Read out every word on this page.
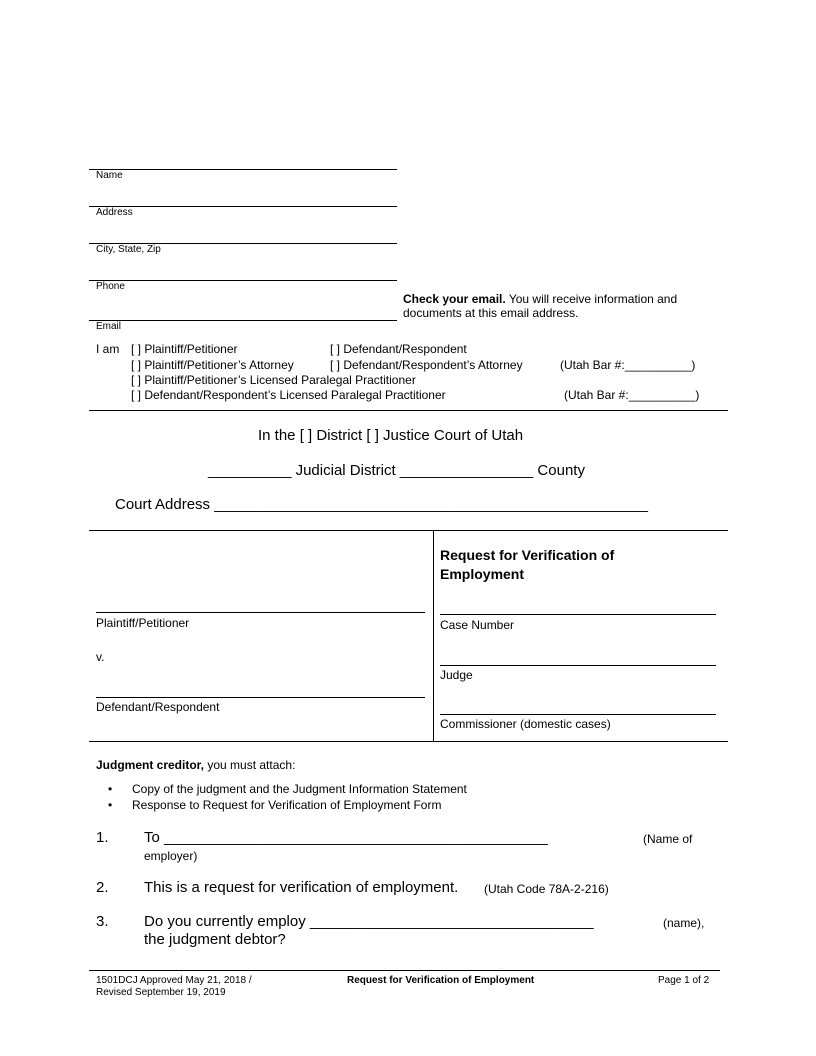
Name
Address
City, State, Zip
Phone
Check your email. You will receive information and
documents at this email address.
Email
I am [ ] Plaintiff/Petitioner	[ ] Defendant/Respondent
[ ] Plaintiff/Petitioner’s Attorney	[ ] Defendant/Respondent’s Attorney	(Utah Bar #:__________)
[ ] Plaintiff/Petitioner’s Licensed Paralegal Practitioner
[ ] Defendant/Respondent’s Licensed Paralegal Practitioner	(Utah Bar #:__________)
In the [ ] District [ ] Justice Court of Utah
__________ Judicial District ________________ County
Court Address ____________________________________________________
Request for Verification of
Employment
Plaintiff/Petitioner
v.
Defendant/Respondent
Case Number
Judge
Commissioner (domestic cases)
Judgment creditor, you must attach:
• Copy of the judgment and the Judgment Information Statement
• Response to Request for Verification of Employment Form
1. To ______________________________________________	(Name of
employer)
2. This is a request for verification of employment. (Utah Code 78A-2-216)
3. Do you currently employ __________________________________	(name),
the judgment debtor?
1501DCJ Approved May 21, 2018 /
Revised September 19, 2019
Request for Verification of Employment	Page 1 of 2
